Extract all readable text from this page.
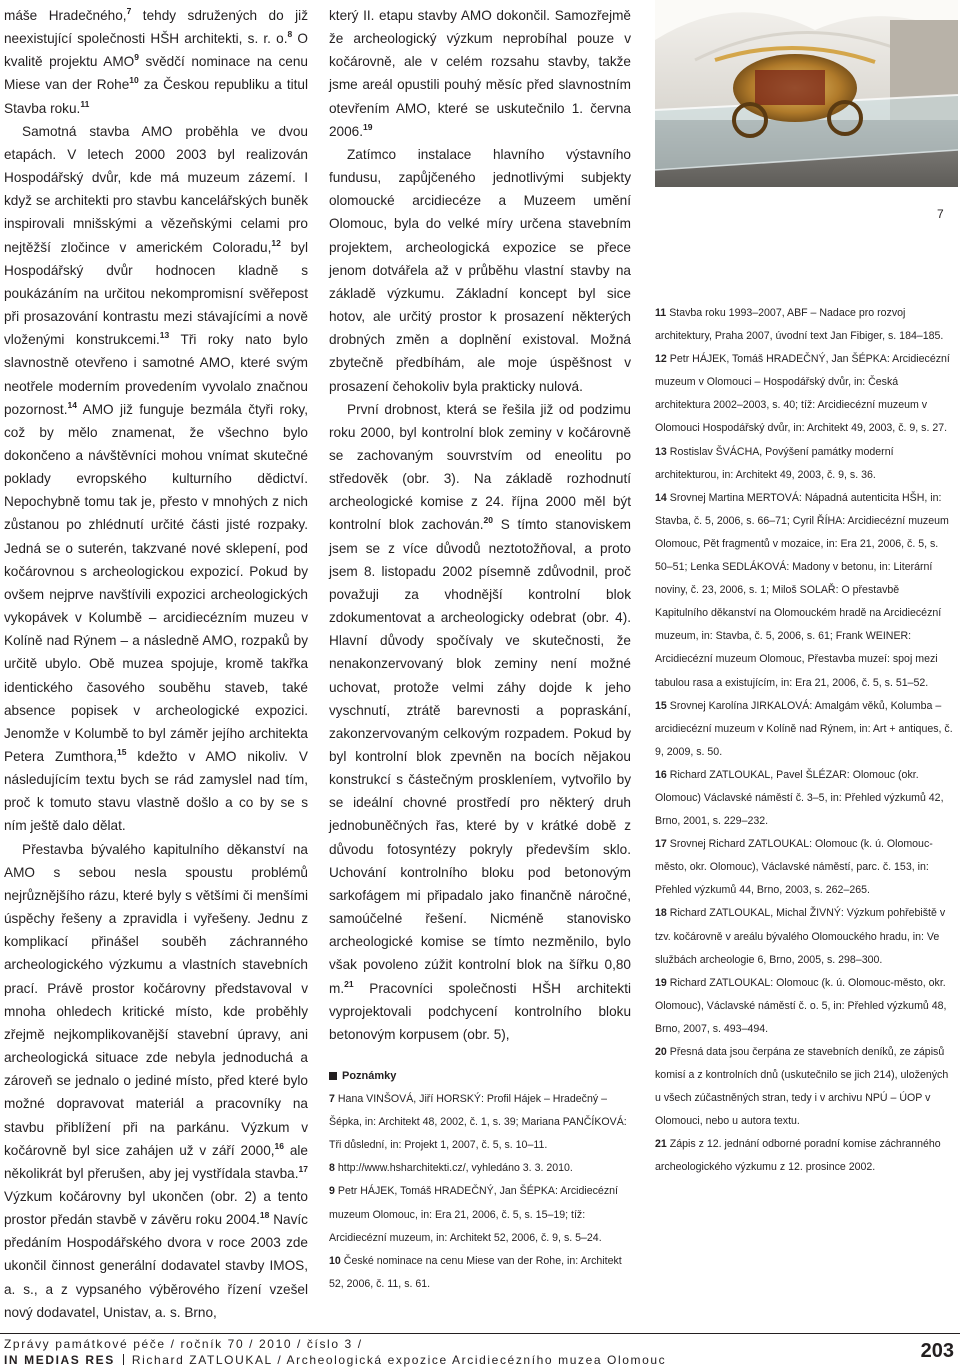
máše Hradečného,$^7$ tehdy sdružených do již neexistující společnosti HŠH architekti, s. r. o.$^8$ O kvalitě projektu AMO$^9$ svědčí nominace na cenu Miese van der Rohe$^{10}$ za Českou republiku a titul Stavba roku.$^{11}$

Samotná stavba AMO proběhla ve dvou etapách. V letech 2000 2003 byl realizován Hospodářský dvůr, kde má muzeum zázemí. I když se architekti pro stavbu kancelářských buněk inspirovali mnišskými a vězeňskými celami pro nejtěžší zločince v americkém Coloradu,$^{12}$ byl Hospodářský dvůr hodnocen kladně s poukázáním na určitou nekompromisní svěřepost při prosazování kontrastu mezi stávajícími a nově vloženými konstrukcemi.$^{13}$ Tři roky nato bylo slavnostně otevřeno i samotné AMO, které svým neotřele moderním provedením vyvolalo značnou pozornost.$^{14}$ AMO již funguje bezmála čtyři roky, což by mělo znamenat, že všechno bylo dokončeno a návštěvníci mohou vnímat skutečné poklady evropského kulturního dědictví. Nepochybně tomu tak je, přesto v mnohých z nich zůstanou po zhlédnutí určité části jisté rozpaky. Jedná se o suterén, takzvané nové sklepení, pod kočárovnou s archeologickou expozicí. Pokud by ovšem nejprve navštívili expozici archeologických vykopávek v Kolumbě – arcidiecézním muzeu v Kolíně nad Rýnem – a následně AMO, rozpaků by určitě ubylo. Obě muzea spojuje, kromě takřka identického časového souběhu staveb, také absence popisek v archeologické expozici. Jenomže v Kolumbě to byl záměr jejího architekta Petera Zumthora,$^{15}$ kdežto v AMO nikoliv. V následujícím textu bych se rád zamyslel nad tím, proč k tomuto stavu vlastně došlo a co by se s ním ještě dalo dělat.

Přestavba bývalého kapitulního děkanství na AMO s sebou nesla spoustu problémů nejrůznějšího rázu, které byly s většími či menšími úspěchy řešeny a zpravidla i vyřešeny. Jednu z komplikací přinášel souběh záchranného archeologického výzkumu a vlastních stavebních prací. Právě prostor kočárovny představoval v mnoha ohledech kritické místo, kde proběhly zřejmě nejkomplikovanější stavební úpravy, ani archeologická situace zde nebyla jednoduchá a zároveň se jednalo o jediné místo, před které bylo možné dopravovat materiál a pracovníky na stavbu přiblížení při na parkánu. Výzkum v kočárovně byl sice zahájen už v září 2000,16 ale několikrát byl přerušen, aby jej vystřídala stavba.$^{17}$ Výzkum kočárovny byl ukončen (obr. 2) a tento prostor předán stavbě v závěru roku 2004.18 Navíc předáním Hospodářského dvora v roce 2003 zde ukončil činnost generální dodavatel stavby IMOS, a. s., a z vypsaného výběrového řízení vzešel nový dodavatel, Unistav, a. s. Brno,

který II. etapu stavby AMO dokončil. Samozřejmě že archeologický výzkum neprobíhal pouze v kočárovně, ale v celém rozsahu stavby, takže jsme areál opustili pouhý měsíc před slavnostním otevřením AMO, které se uskutečnilo 1. června 2006.19

Zatímco instalace hlavního výstavního fundusu, zapůjčeného jednotlivými subjekty olomoucké arcidiecéze a Muzeem umění Olomouc, byla do velké míry určena stavebním projektem, archeologická expozice se přece jenom dotvářela až v průběhu vlastní stavby na základě výzkumu. Základní koncept byl sice hotov, ale určitý prostor k prosazení některých drobných změn a doplnění existoval. Možná zbytečně předbíhám, ale moje úspěšnost v prosazení čehokoliv byla prakticky nulová.

První drobnost, která se řešila již od podzimu roku 2000, byl kontrolní blok zeminy v kočárovně se zachovaným souvrstvím od eneolitu po středověk (obr. 3). Na základě rozhodnutí archeologické komise z 24. října 2000 měl být kontrolní blok zachován.$^{20}$ S tímto stanoviskem jsem se z více důvodů neztotožňoval, a proto jsem 8. listopadu 2002 písemně zdůvodnil, proč považuji za vhodnější kontrolní blok zdokumentovat a archeologicky odebrat (obr. 4). Hlavní důvody spočívaly ve skutečnosti, že nenakonzervovaný blok zeminy není možné uchovat, protože velmi záhy dojde k jeho vyschnutí, ztrátě barevnosti a popraskání, zakonzervovaným celkovým rozpadem. Pokud by byl kontrolní blok zpevněn na bocích nějakou konstrukcí s částečným proskleníem, vytvořilo by se ideální chovné prostředí pro některý druh jednobuněčných řas, které by v krátké době z důvodu fotosyntézy pokryly především sklo. Uchování kontrolního bloku pod betonovým sarkofágem mi připadalo jako finančně náročné, samoúčelné řešení. Nicméně stanovisko archeologické komise se tímto nezměnilo, bylo však povoleno zúžit kontrolní blok na šířku 0,80 m.$^{21}$ Pracovníci společnosti HŠH architekti vyprojektovali podchycení kontrolního bloku betonovým korpusem (obr. 5),

Poznámky

7 Hana VINŠOVÁ, Jiří HORSKÝ: Profil Hájek – Hradečný – Šépka, in: Architekt 48, 2002, č. 1, s. 39; Mariana PANČÍKOVÁ: Tři důslední, in: Projekt 1, 2007, č. 5, s. 10–11.

8 http://www.hsharchitekti.cz/, vyhledáno 3. 3. 2010.

9 Petr HÁJEK, Tomáš HRADEČNÝ, Jan ŠÉPKA: Arcidiecézní muzeum Olomouc, in: Era 21, 2006, č. 5, s. 15–19; tíž: Arcidiecézní muzeum, in: Architekt 52, 2006, č. 9, s. 5–24.

10 České nominace na cenu Miese van der Rohe, in: Architekt 52, 2006, č. 11, s. 61.

11 Stavba roku 1993–2007, ABF – Nadace pro rozvoj architektury, Praha 2007, úvodní text Jan Fibiger, s. 184–185.

12 Petr HÁJEK, Tomáš HRADEČNÝ, Jan ŠÉPKA: Arcidiecézní muzeum v Olomouci – Hospodářský dvůr, in: Česká architektura 2002–2003, s. 40; tíž: Arcidiecézní muzeum v Olomouci Hospodářský dvůr, in: Architekt 49, 2003, č. 9, s. 27.

13 Rostislav ŠVÁCHA, Povýšení památky moderní architekturou, in: Architekt 49, 2003, č. 9, s. 36.

14 Srovnej Martina MERTOVÁ: Nápadná autenticita HŠH, in: Stavba, č. 5, 2006, s. 66–71; Cyril ŘÍHA: Arcidiecézní muzeum Olomouc, Pět fragmentů v mozaice, in: Era 21, 2006, č. 5, s. 50–51; Lenka SEDLÁKOVÁ: Madony v betonu, in: Literární noviny, č. 23, 2006, s. 1; Miloš SOLAŘ: O přestavbě Kapitulního děkanství na Olomouckém hradě na Arcidiecézní muzeum, in: Stavba, č. 5, 2006, s. 61; Frank WEINER: Arcidiecézní muzeum Olomouc, Přestavba muzeí: spoj mezi tabulou rasa a existujícím, in: Era 21, 2006, č. 5, s. 51–52.

15 Srovnej Karolína JIRKALOVÁ: Amalgám věků, Kolumba – arcidiecézní muzeum v Kolíně nad Rýnem, in: Art + antiques, č. 9, 2009, s. 50.

16 Richard ZATLOUKAL, Pavel ŠLÉZAR: Olomouc (okr. Olomouc) Václavské náměstí č. 3–5, in: Přehled výzkumů 42, Brno, 2001, s. 229–232.

17 Srovnej Richard ZATLOUKAL: Olomouc (k. ú. Olomouc-město, okr. Olomouc), Václavské náměstí, parc. č. 153, in: Přehled výzkumů 44, Brno, 2003, s. 262–265.

18 Richard ZATLOUKAL, Michal ŽIVNÝ: Výzkum pohřebiště v tzv. kočárovně v areálu bývalého Olomouckého hradu, in: Ve službách archeologie 6, Brno, 2005, s. 298–300.

19 Richard ZATLOUKAL: Olomouc (k. ú. Olomouc-město, okr. Olomouc), Václavské náměstí č. o. 5, in: Přehled výzkumů 48, Brno, 2007, s. 493–494.

20 Přesná data jsou čerpána ze stavebních deníků, ze zápisů komisí a z kontrolních dnů (uskutečnilo se jich 214), uložených u všech zúčastněných stran, tedy i v archivu NPÚ – ÚOP v Olomouci, nebo u autora textu.

21 Zápis z 12. jednání odborné poradní komise záchranného archeologického výzkumu z 12. prosince 2002.

7
Zprávy památkové péče / ročník 70 / 2010 / číslo 3 /
IN MEDIAS RES Richard ZATLOUKAL / Archeologická expozice Arcidiecézního muzea Olomouc	203
